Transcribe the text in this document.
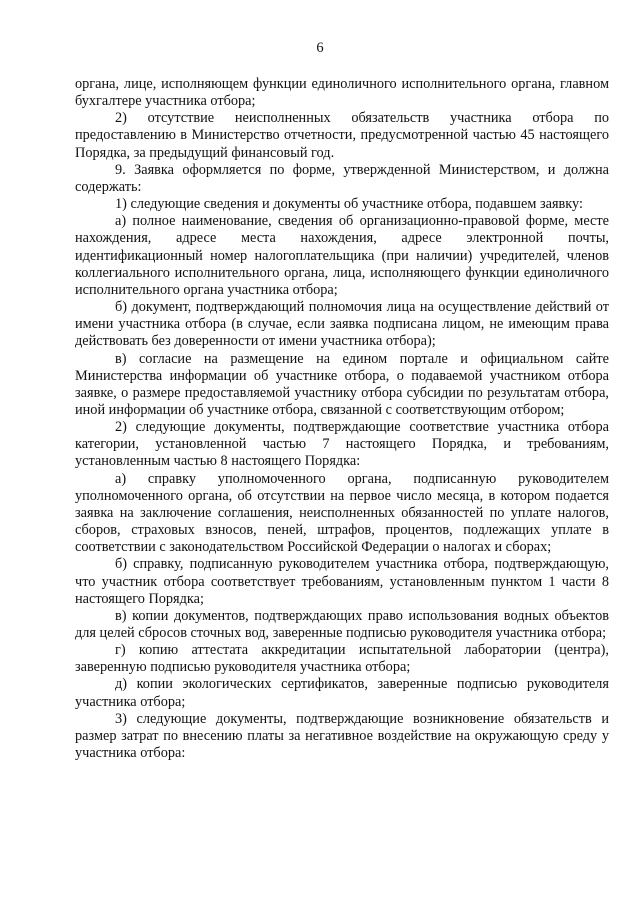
6

органа, лице, исполняющем функции единоличного исполнительного органа, главном бухгалтере участника отбора;

2) отсутствие неисполненных обязательств участника отбора по предоставлению в Министерство отчетности, предусмотренной частью 45 настоящего Порядка, за предыдущий финансовый год.

9. Заявка оформляется по форме, утвержденной Министерством, и должна содержать:

1) следующие сведения и документы об участнике отбора, подавшем заявку:

а) полное наименование, сведения об организационно-правовой форме, месте нахождения, адресе места нахождения, адресе электронной почты, идентификационный номер налогоплательщика (при наличии) учредителей, членов коллегиального исполнительного органа, лица, исполняющего функции единоличного исполнительного органа участника отбора;

б) документ, подтверждающий полномочия лица на осуществление действий от имени участника отбора (в случае, если заявка подписана лицом, не имеющим права действовать без доверенности от имени участника отбора);

в) согласие на размещение на едином портале и официальном сайте Министерства информации об участнике отбора, о подаваемой участником отбора заявке, о размере предоставляемой участнику отбора субсидии по результатам отбора, иной информации об участнике отбора, связанной с соответствующим отбором;

2) следующие документы, подтверждающие соответствие участника отбора категории, установленной частью 7 настоящего Порядка, и требованиям, установленным частью 8 настоящего Порядка:

а) справку уполномоченного органа, подписанную руководителем уполномоченного органа, об отсутствии на первое число месяца, в котором подается заявка на заключение соглашения, неисполненных обязанностей по уплате налогов, сборов, страховых взносов, пеней, штрафов, процентов, подлежащих уплате в соответствии с законодательством Российской Федерации о налогах и сборах;

б) справку, подписанную руководителем участника отбора, подтверждающую, что участник отбора соответствует требованиям, установленным пунктом 1 части 8 настоящего Порядка;

в) копии документов, подтверждающих право использования водных объектов для целей сбросов сточных вод, заверенные подписью руководителя участника отбора;

г) копию аттестата аккредитации испытательной лаборатории (центра), заверенную подписью руководителя участника отбора;

д) копии экологических сертификатов, заверенные подписью руководителя участника отбора;

3) следующие документы, подтверждающие возникновение обязательств и размер затрат по внесению платы за негативное воздействие на окружающую среду у участника отбора:
